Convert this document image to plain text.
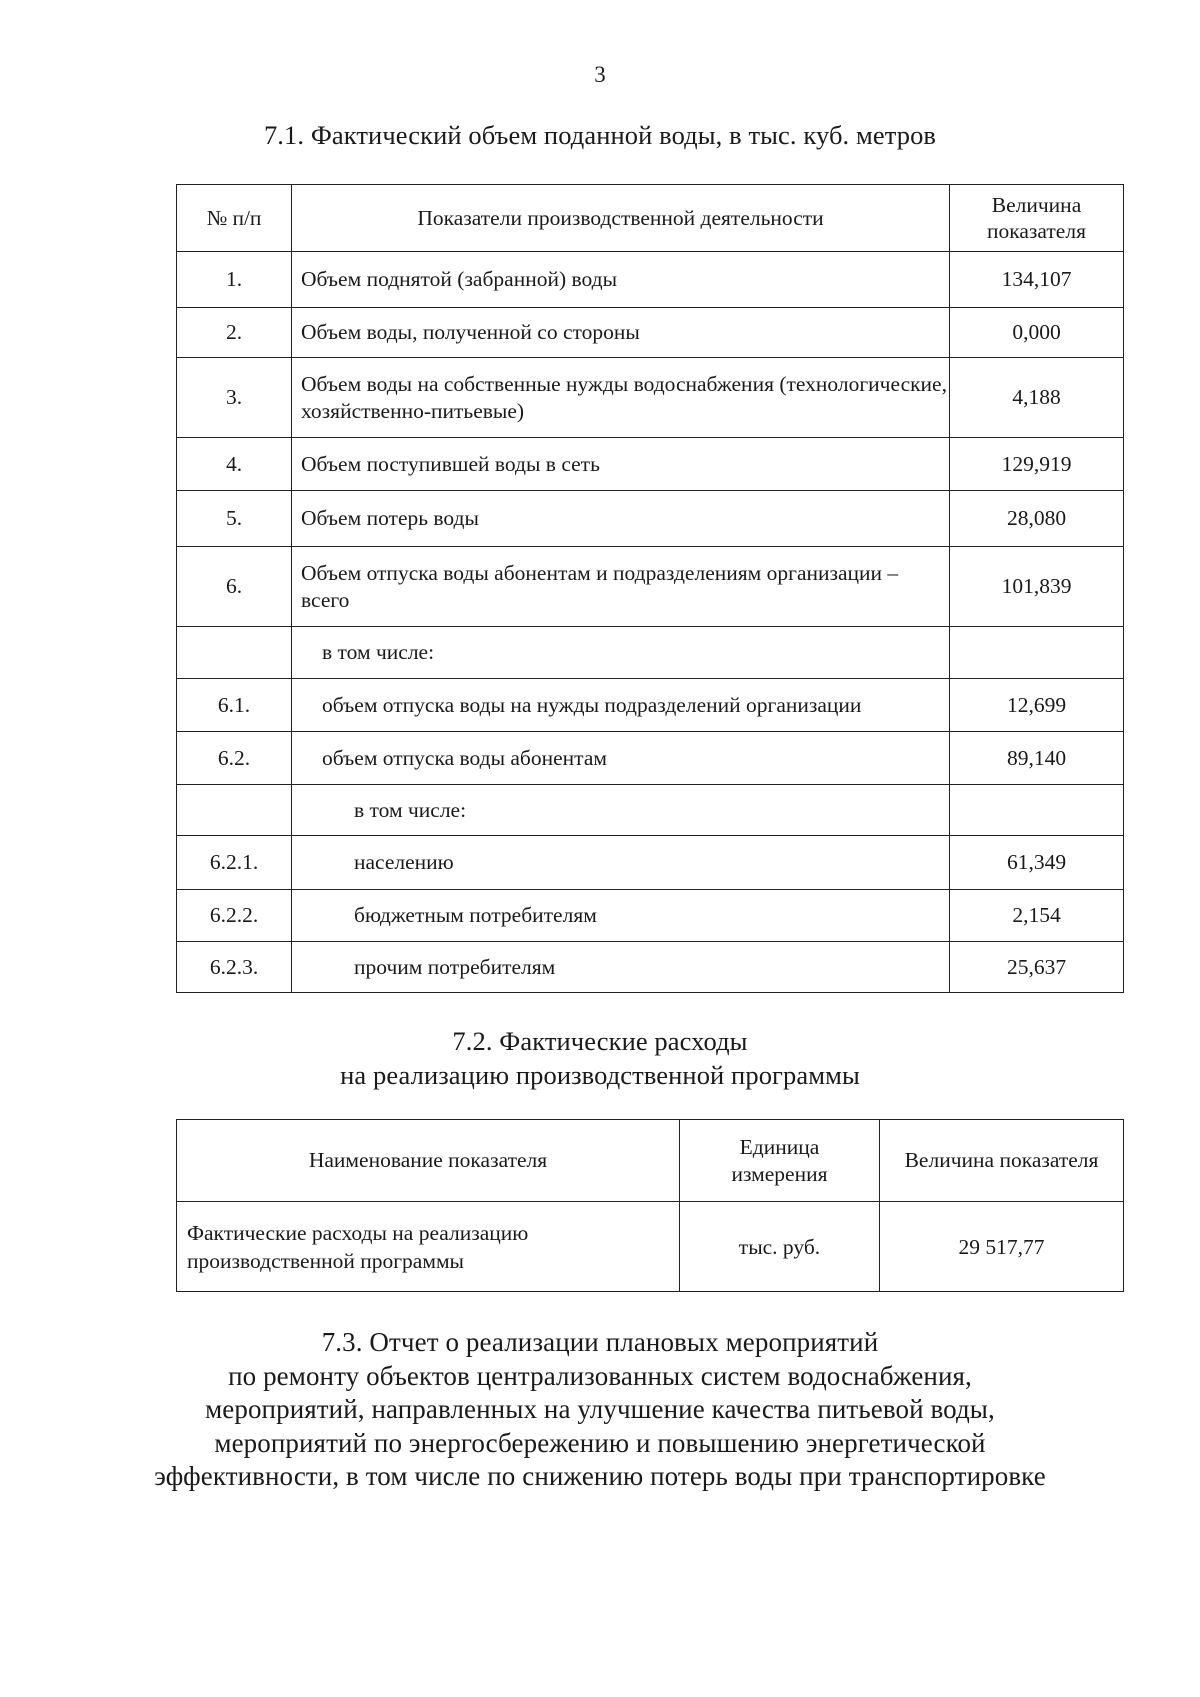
3
7.1. Фактический объем поданной воды, в тыс. куб. метров
№ п/п	Показатели производственной деятельности	Величина показателя
1.	Объем поднятой (забранной) воды	134,107
2.	Объем воды, полученной со стороны	0,000
3.	Объем воды на собственные нужды водоснабжения (технологические, хозяйственно-питьевые)	4,188
4.	Объем поступившей воды в сеть	129,919
5.	Объем потерь воды	28,080
6.	Объем отпуска воды абонентам и подразделениям организации – всего	101,839
	в том числе:	
6.1.	объем отпуска воды на нужды подразделений организации	12,699
6.2.	объем отпуска воды абонентам	89,140
	в том числе:	
6.2.1.	населению	61,349
6.2.2.	бюджетным потребителям	2,154
6.2.3.	прочим потребителям	25,637
7.2. Фактические расходы
на реализацию производственной программы
Наименование показателя	Единица измерения	Величина показателя
Фактические расходы на реализацию производственной программы	тыс. руб.	29 517,77
7.3. Отчет о реализации плановых мероприятий
по ремонту объектов централизованных систем водоснабжения,
мероприятий, направленных на улучшение качества питьевой воды,
мероприятий по энергосбережению и повышению энергетической
эффективности, в том числе по снижению потерь воды при транспортировке
